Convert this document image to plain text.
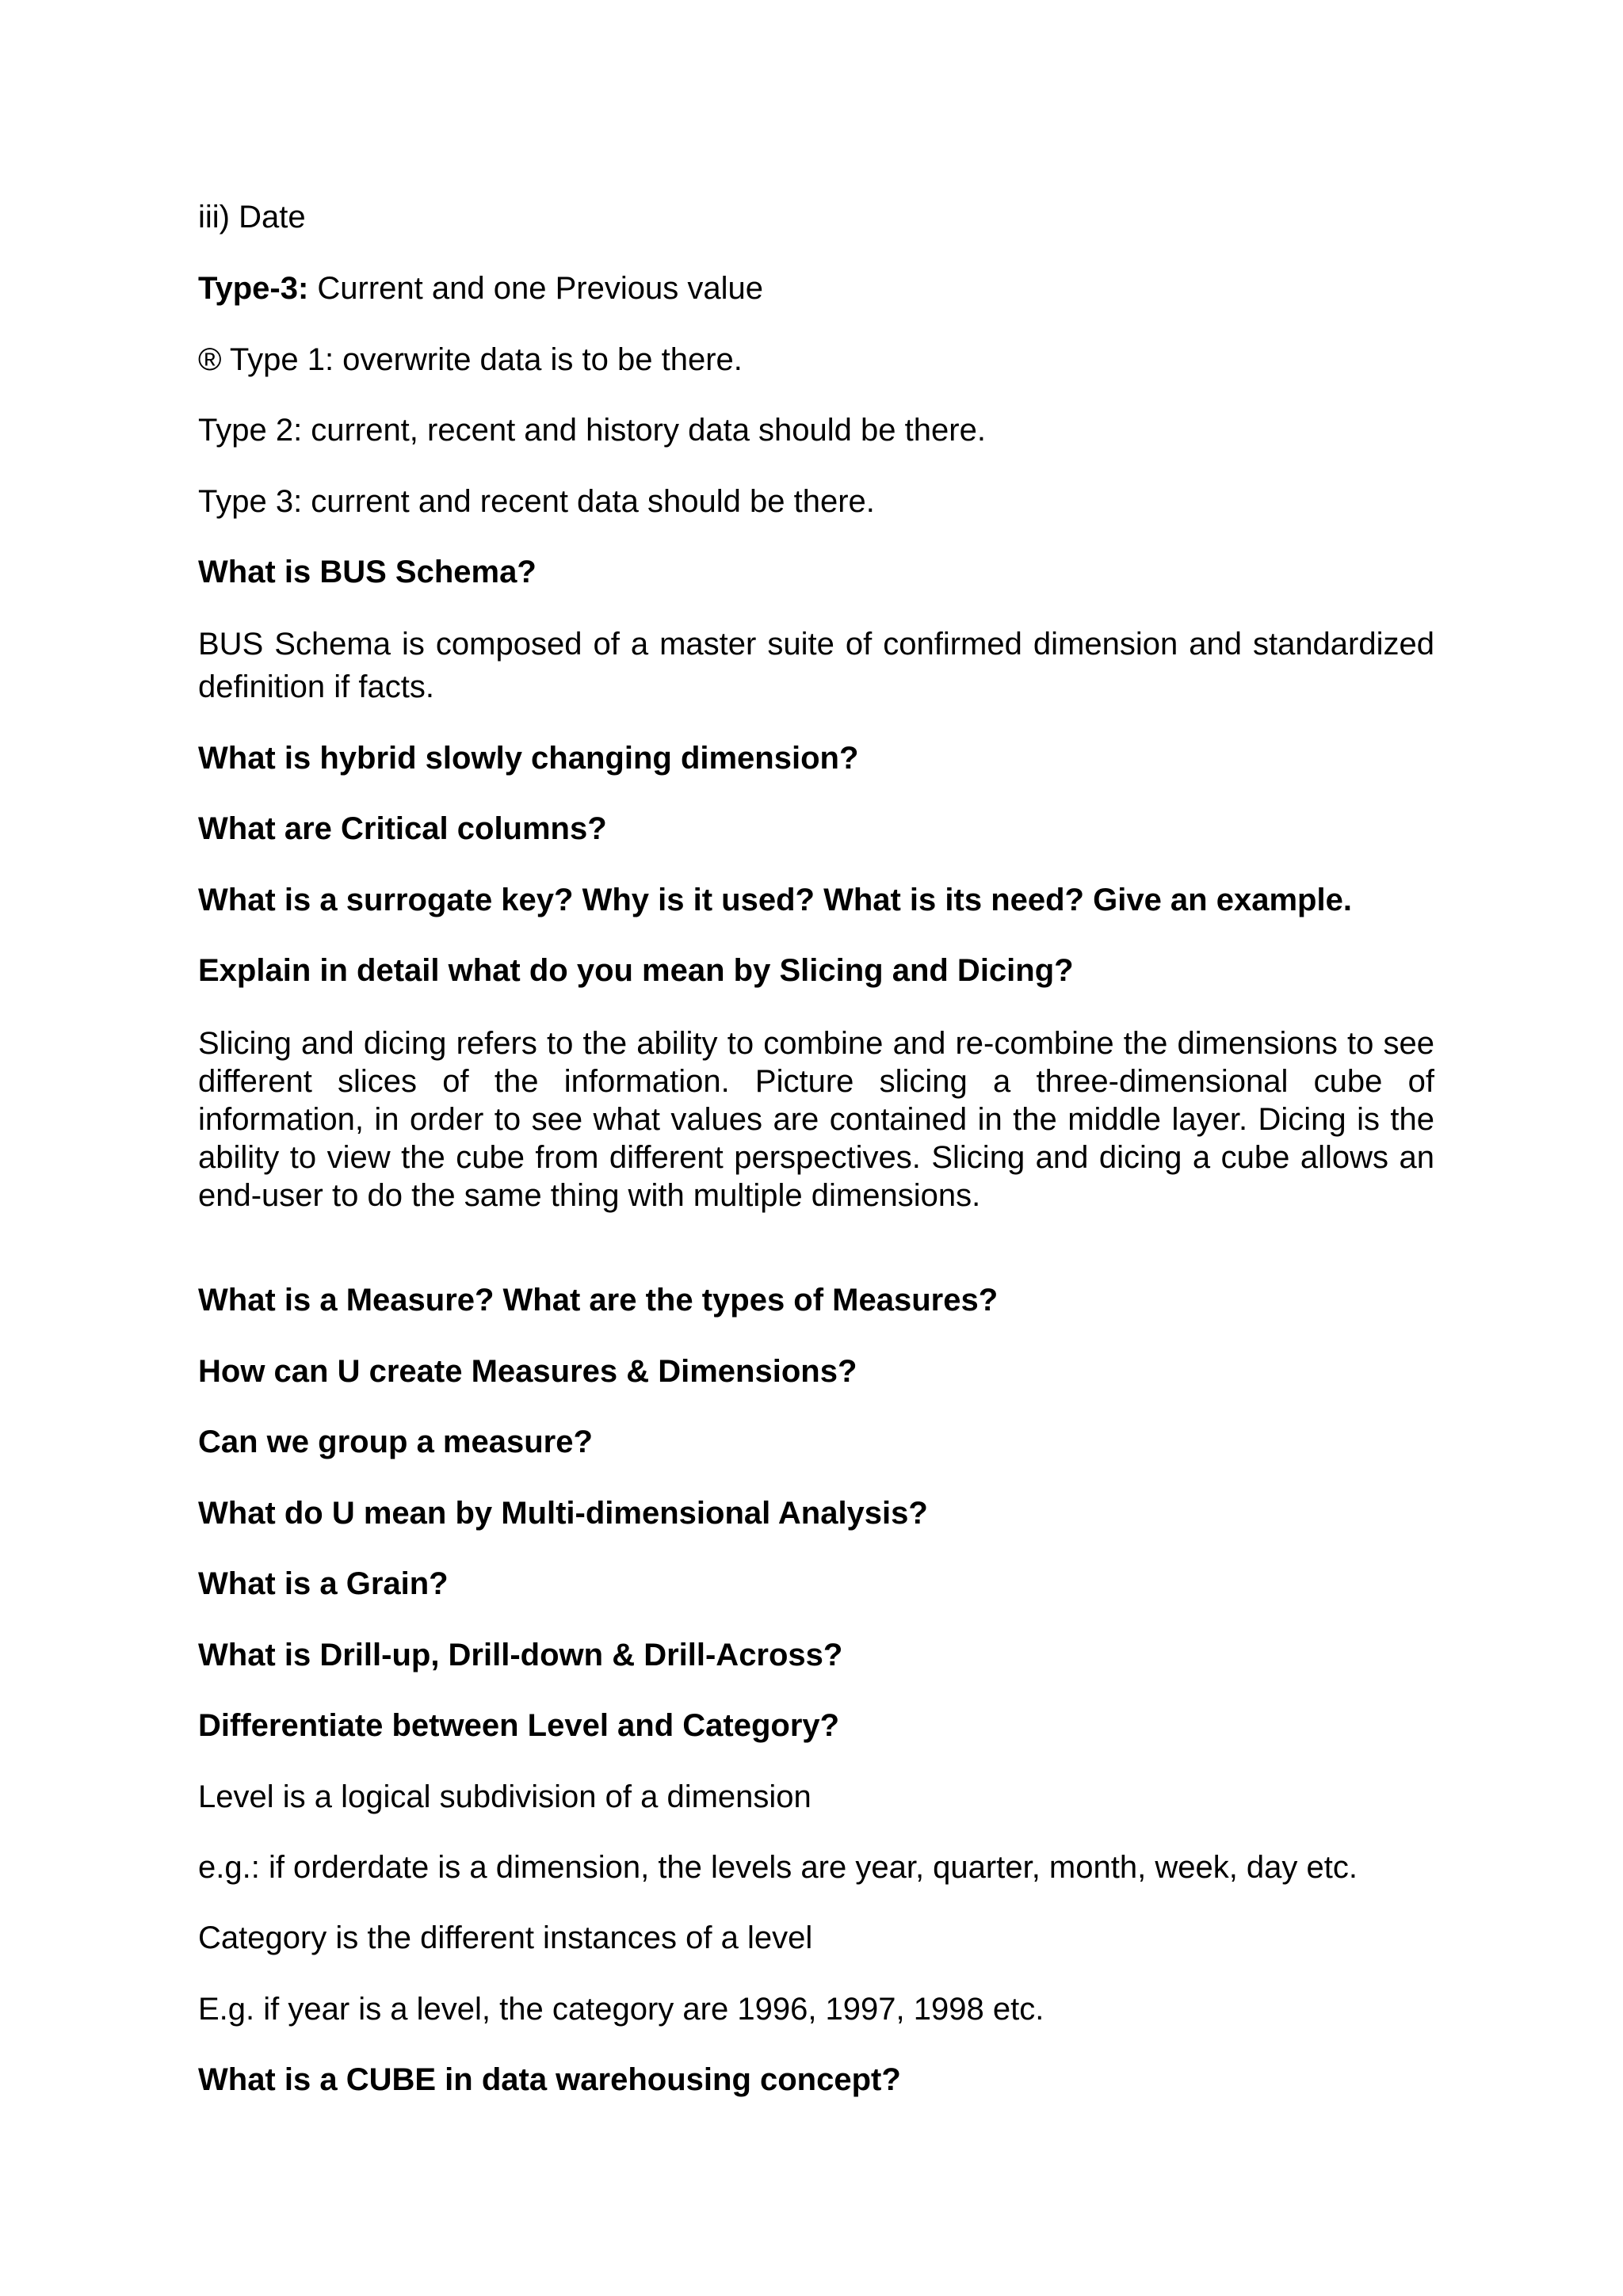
iii) Date

Type-3: Current and one Previous value

® Type 1: overwrite data is to be there.

Type 2: current, recent and history data should be there.

Type 3: current and recent data should be there.

What is BUS Schema?

BUS Schema is composed of a master suite of confirmed dimension and standardized definition if facts.

What is hybrid slowly changing dimension?

What are Critical columns?

What is a surrogate key? Why is it used? What is its need? Give an example.

Explain in detail what do you mean by Slicing and Dicing?

Slicing and dicing refers to the ability to combine and re-combine the dimensions to see different slices of the information. Picture slicing a three-dimensional cube of information, in order to see what values are contained in the middle layer. Dicing is the ability to view the cube from different perspectives. Slicing and dicing a cube allows an end-user to do the same thing with multiple dimensions.

What is a Measure? What are the types of Measures?

How can U create Measures & Dimensions?

Can we group a measure?

What do U mean by Multi-dimensional Analysis?

What is a Grain?

What is Drill-up, Drill-down & Drill-Across?

Differentiate between Level and Category?

Level is a logical subdivision of a dimension

e.g.: if orderdate is a dimension, the levels are year, quarter, month, week, day etc.

Category is the different instances of a level

E.g. if year is a level, the category are 1996, 1997, 1998 etc.

What is a CUBE in data warehousing concept?
